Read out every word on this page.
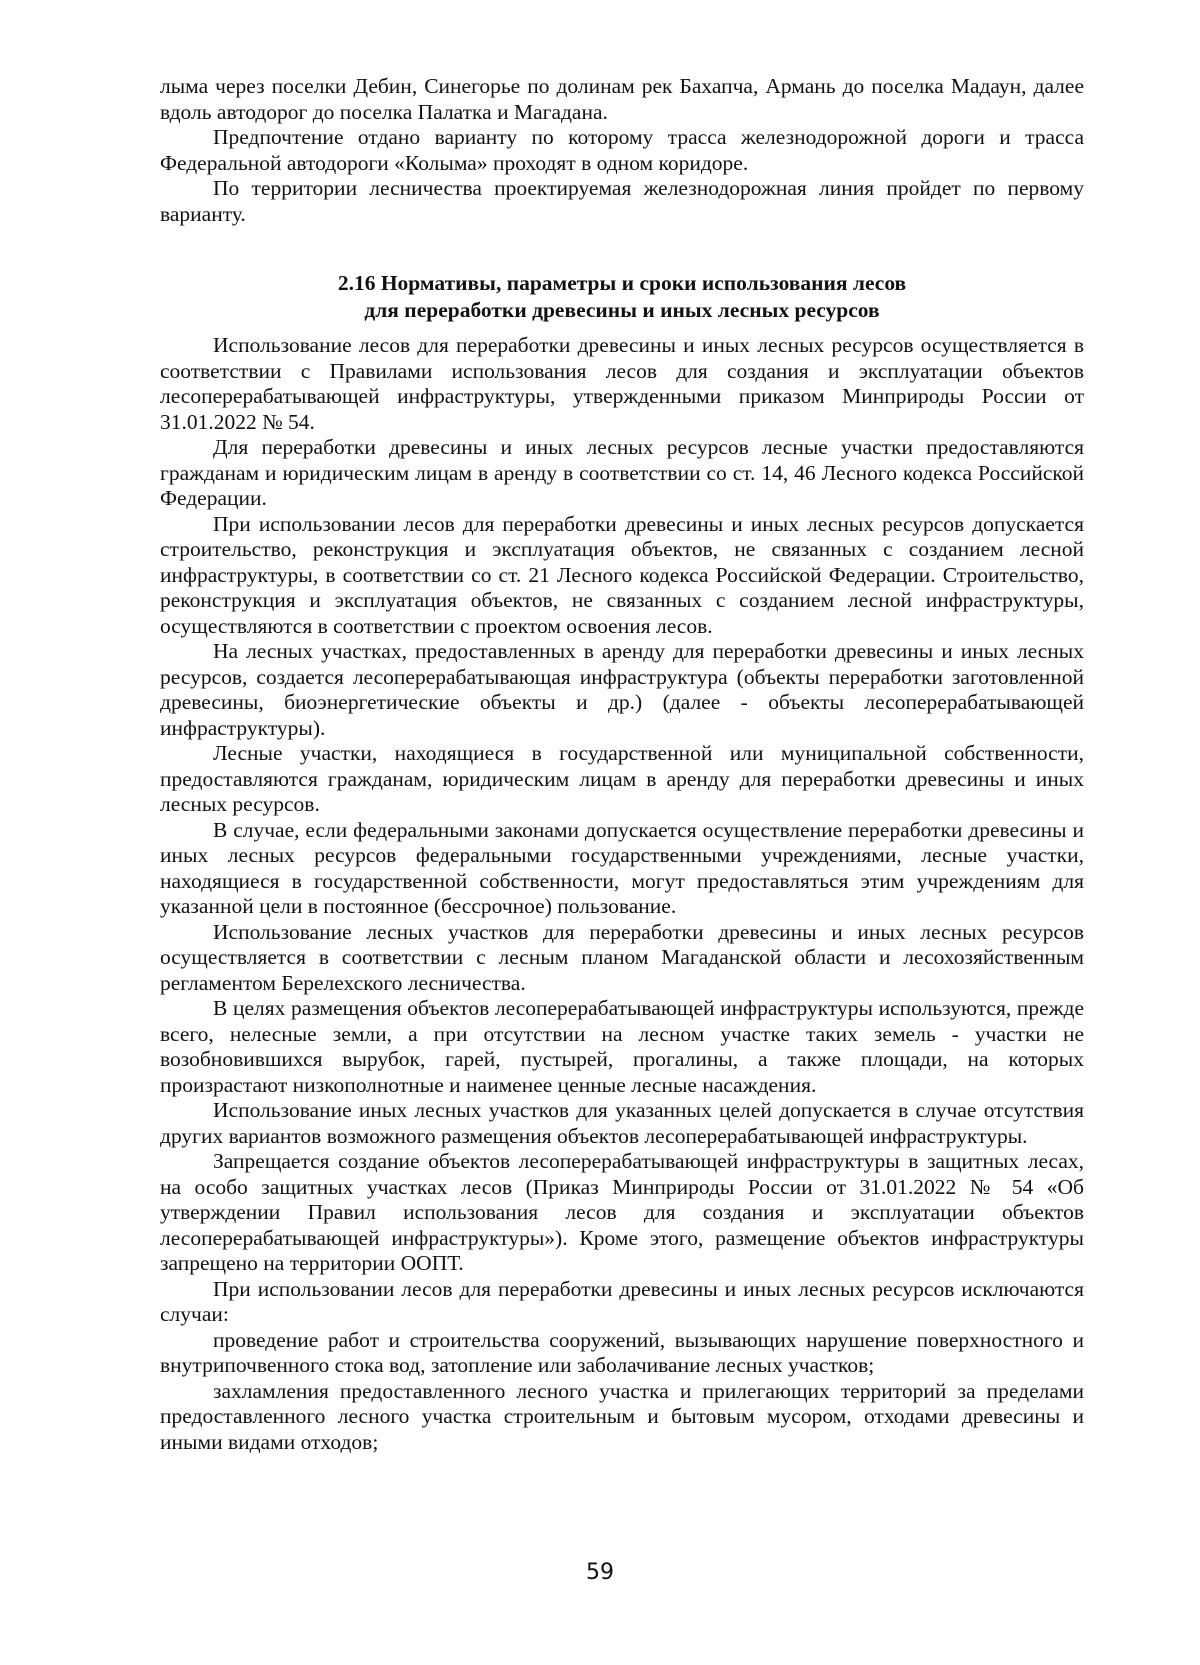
лыма через поселки Дебин, Синегорье по долинам рек Бахапча, Армань до поселка Мадаун, далее вдоль автодорог до поселка Палатка и Магадана.

Предпочтение отдано варианту по которому трасса железнодорожной дороги и трасса Федеральной автодороги «Колыма» проходят в одном коридоре.

По территории лесничества проектируемая железнодорожная линия пройдет по первому варианту.

2.16 Нормативы, параметры и сроки использования лесов
для переработки древесины и иных лесных ресурсов

Использование лесов для переработки древесины и иных лесных ресурсов осуществляется в соответствии с Правилами использования лесов для создания и эксплуатации объектов лесоперерабатывающей инфраструктуры, утвержденными приказом Минприроды России от 31.01.2022 № 54.

Для переработки древесины и иных лесных ресурсов лесные участки предоставляются гражданам и юридическим лицам в аренду в соответствии со ст. 14, 46 Лесного кодекса Российской Федерации.

При использовании лесов для переработки древесины и иных лесных ресурсов допускается строительство, реконструкция и эксплуатация объектов, не связанных с созданием лесной инфраструктуры, в соответствии со ст. 21 Лесного кодекса Российской Федерации. Строительство, реконструкция и эксплуатация объектов, не связанных с созданием лесной инфраструктуры, осуществляются в соответствии с проектом освоения лесов.

На лесных участках, предоставленных в аренду для переработки древесины и иных лесных ресурсов, создается лесоперерабатывающая инфраструктура (объекты переработки заготовленной древесины, биоэнергетические объекты и др.) (далее - объекты лесоперерабатывающей инфраструктуры).

Лесные участки, находящиеся в государственной или муниципальной собственности, предоставляются гражданам, юридическим лицам в аренду для переработки древесины и иных лесных ресурсов.

В случае, если федеральными законами допускается осуществление переработки древесины и иных лесных ресурсов федеральными государственными учреждениями, лесные участки, находящиеся в государственной собственности, могут предоставляться этим учреждениям для указанной цели в постоянное (бессрочное) пользование.

Использование лесных участков для переработки древесины и иных лесных ресурсов осуществляется в соответствии с лесным планом Магаданской области и лесохозяйственным регламентом Берелехского лесничества.

В целях размещения объектов лесоперерабатывающей инфраструктуры используются, прежде всего, нелесные земли, а при отсутствии на лесном участке таких земель - участки не возобновившихся вырубок, гарей, пустырей, прогалины, а также площади, на которых произрастают низкополнотные и наименее ценные лесные насаждения.

Использование иных лесных участков для указанных целей допускается в случае отсутствия других вариантов возможного размещения объектов лесоперерабатывающей инфраструктуры.

Запрещается создание объектов лесоперерабатывающей инфраструктуры в защитных лесах, на особо защитных участках лесов (Приказ Минприроды России от 31.01.2022 № 54 «Об утверждении Правил использования лесов для создания и эксплуатации объектов лесоперерабатывающей инфраструктуры»). Кроме этого, размещение объектов инфраструктуры запрещено на территории ООПТ.

При использовании лесов для переработки древесины и иных лесных ресурсов исключаются случаи:

проведение работ и строительства сооружений, вызывающих нарушение поверхностного и внутрипочвенного стока вод, затопление или заболачивание лесных участков;

захламления предоставленного лесного участка и прилегающих территорий за пределами предоставленного лесного участка строительным и бытовым мусором, отходами древесины и иными видами отходов;

59
